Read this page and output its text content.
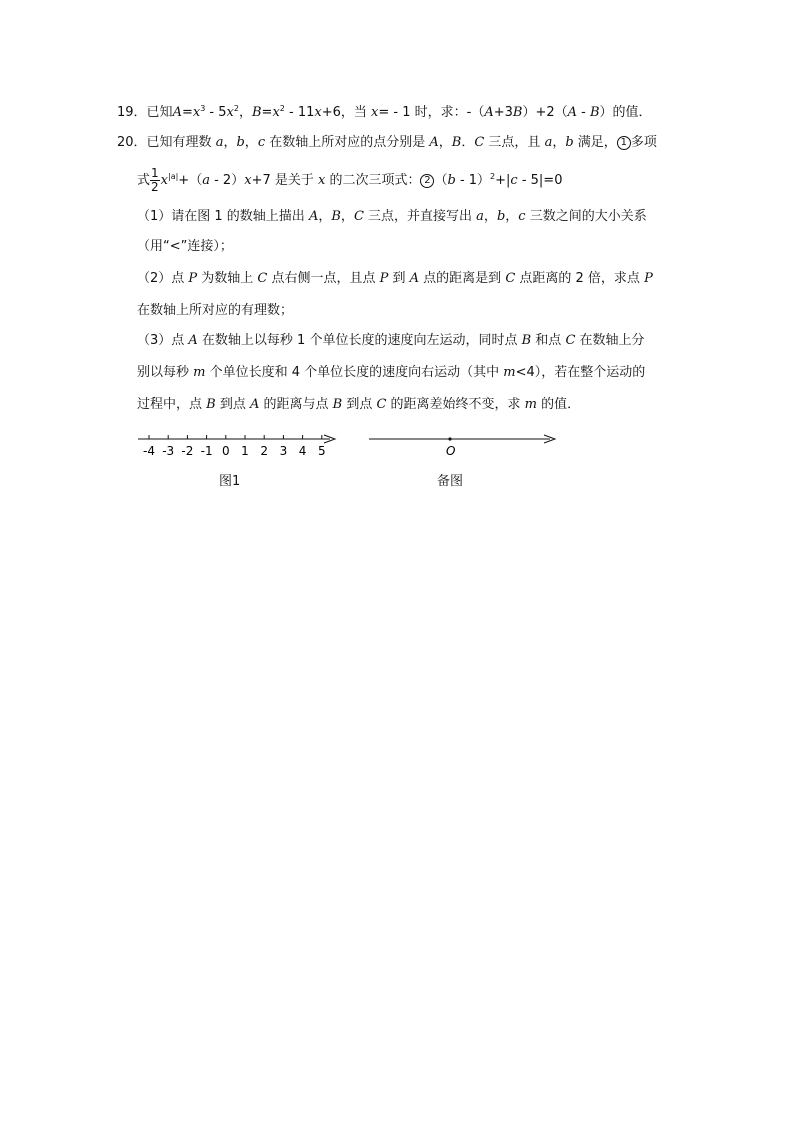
19．已知$A=x^3 - 5x^2$，$B=x^2 - 11x+6$，当 x= - 1 时，求：-（A+3B）+2（A - B）的值．
20．已知有理数 a，b，c 在数轴上所对应的点分别是 A，B．C 三点，且 a，b 满足， 1 多项
式 $\frac{1}{2} x^{|a|}+(a - 2)x+7$ 是关于 x 的二次三项式： 2 （b - 1）$^2$+|c - 5|=0
（1）请在图 1 的数轴上描出 A，B，C 三点，并直接写出 a，b，c 三数之间的大小关系
（用“<”连接）；
（2）点 P 为数轴上 C 点右侧一点，且点 P 到 A 点的距离是到 C 点距离的 2 倍，求点 P
在数轴上所对应的有理数；
（3）点 A 在数轴上以每秒 1 个单位长度的速度向左运动，同时点 B 和点 C 在数轴上分
别以每秒 m 个单位长度和 4 个单位长度的速度向右运动（其中 m<4），若在整个运动的
过程中，点 B 到点 A 的距离与点 B 到点 C 的距离差始终不变，求 m 的值．
-4 -3 -2 -1 0 1 2 3 4 5
图1
O
备图
